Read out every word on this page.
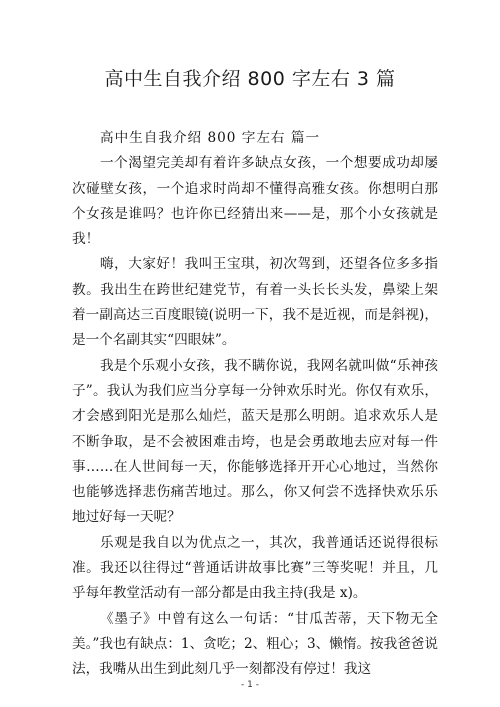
高中生自我介绍 800 字左右 3 篇

高中生自我介绍 800 字左右 篇一

一个渴望完美却有着许多缺点女孩，一个想要成功却屡次碰壁女孩，一个追求时尚却不懂得高雅女孩。你想明白那个女孩是谁吗？也许你已经猜出来——是，那个小女孩就是我！

嗨，大家好！我叫王宝琪，初次驾到，还望各位多多指教。我出生在跨世纪建党节，有着一头长长头发，鼻梁上架着一副高达三百度眼镜(说明一下，我不是近视，而是斜视)，是一个名副其实“四眼妹”。

我是个乐观小女孩，我不瞒你说，我网名就叫做“乐神孩子”。我认为我们应当分享每一分钟欢乐时光。你仅有欢乐，才会感到阳光是那么灿烂，蓝天是那么明朗。追求欢乐人是不断争取，是不会被困难击垮，也是会勇敢地去应对每一件事……在人世间每一天，你能够选择开开心心地过，当然你也能够选择悲伤痛苦地过。那么，你又何尝不选择快欢乐乐地过好每一天呢？

乐观是我自以为优点之一，其次，我普通话还说得很标准。我还以往得过“普通话讲故事比赛”三等奖呢！并且，几乎每年教堂活动有一部分都是由我主持(我是 x)。

《墨子》中曾有这么一句话：“甘瓜苦蒂，天下物无全美。”我也有缺点：1、贪吃；2、粗心；3、懒惰。按我爸爸说法，我嘴从出生到此刻几乎一刻都没有停过！我这

- 1 -
